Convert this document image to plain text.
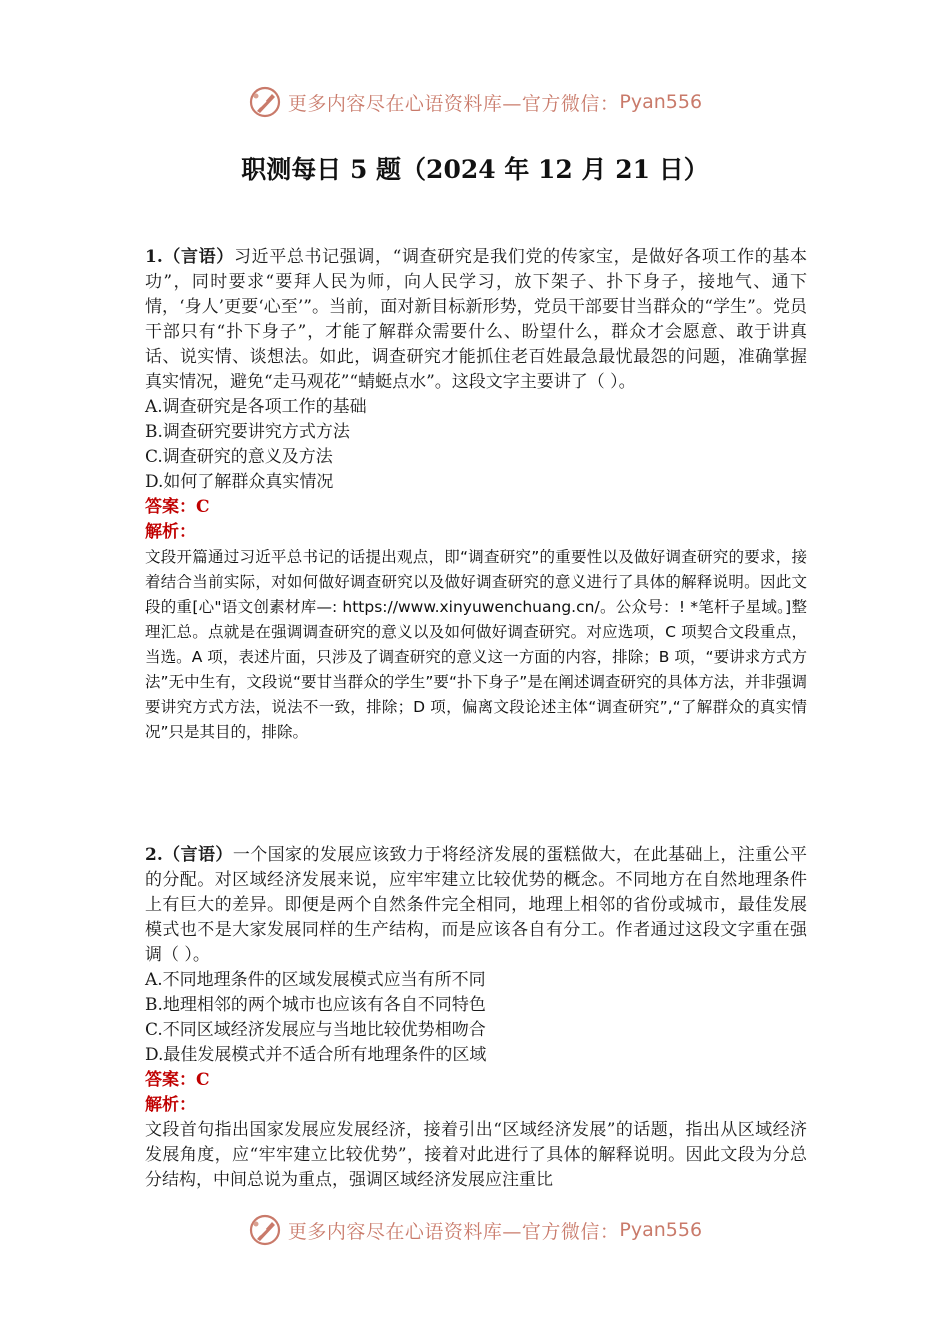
更多内容尽在心语资料库—官方微信： Pyan556
职测每日 5 题（2024 年 12 月 21 日）

1.（言语）习近平总书记强调，“调查研究是我们党的传家宝，是做好各项工作的基本功”，同时要求“要拜人民为师，向人民学习，放下架子、扑下身子，接地气、通下情，‘身人’更要‘心至’”。当前，面对新目标新形势，党员干部要甘当群众的“学生”。党员干部只有“扑下身子”，才能了解群众需要什么、盼望什么，群众才会愿意、敢于讲真话、说实情、谈想法。如此，调查研究才能抓住老百姓最急最忧最怨的问题，准确掌握真实情况，避免“走马观花”“蜻蜓点水”。这段文字主要讲了（ ）。

A.调查研究是各项工作的基础

B.调查研究要讲究方式方法

C.调查研究的意义及方法

D.如何了解群众真实情况

答案：C

解析：

文段开篇通过习近平总书记的话提出观点，即“调查研究”的重要性以及做好调查研究的要求，接着结合当前实际，对如何做好调查研究以及做好调查研究的意义进行了具体的解释说明。因此文段的重[心"语文创素材库—: https://www.xinyuwenchuang.cn/。公众号：! *笔杆子星域。]整理汇总。点就是在强调调查研究的意义以及如何做好调查研究。对应选项，C 项契合文段重点，当选。A 项，表述片面，只涉及了调查研究的意义这一方面的内容，排除；B 项，“要讲求方式方法”无中生有，文段说“要甘当群众的学生”要“扑下身子”是在阐述调查研究的具体方法，并非强调要讲究方式方法，说法不一致，排除；D 项，偏离文段论述主体“调查研究”,“了解群众的真实情况”只是其目的，排除。

2.（言语）一个国家的发展应该致力于将经济发展的蛋糕做大，在此基础上，注重公平的分配。对区域经济发展来说，应牢牢建立比较优势的概念。不同地方在自然地理条件上有巨大的差异。即便是两个自然条件完全相同，地理上相邻的省份或城市，最佳发展模式也不是大家发展同样的生产结构，而是应该各自有分工。作者通过这段文字重在强调（ ）。

A.不同地理条件的区域发展模式应当有所不同

B.地理相邻的两个城市也应该有各自不同特色

C.不同区域经济发展应与当地比较优势相吻合

D.最佳发展模式并不适合所有地理条件的区域

答案：C

解析：

文段首句指出国家发展应发展经济，接着引出“区域经济发展”的话题，指出从区域经济发展角度，应“牢牢建立比较优势”，接着对此进行了具体的解释说明。因此文段为分总分结构，中间总说为重点，强调区域经济发展应注重比

更多内容尽在心语资料库—官方微信： Pyan556
